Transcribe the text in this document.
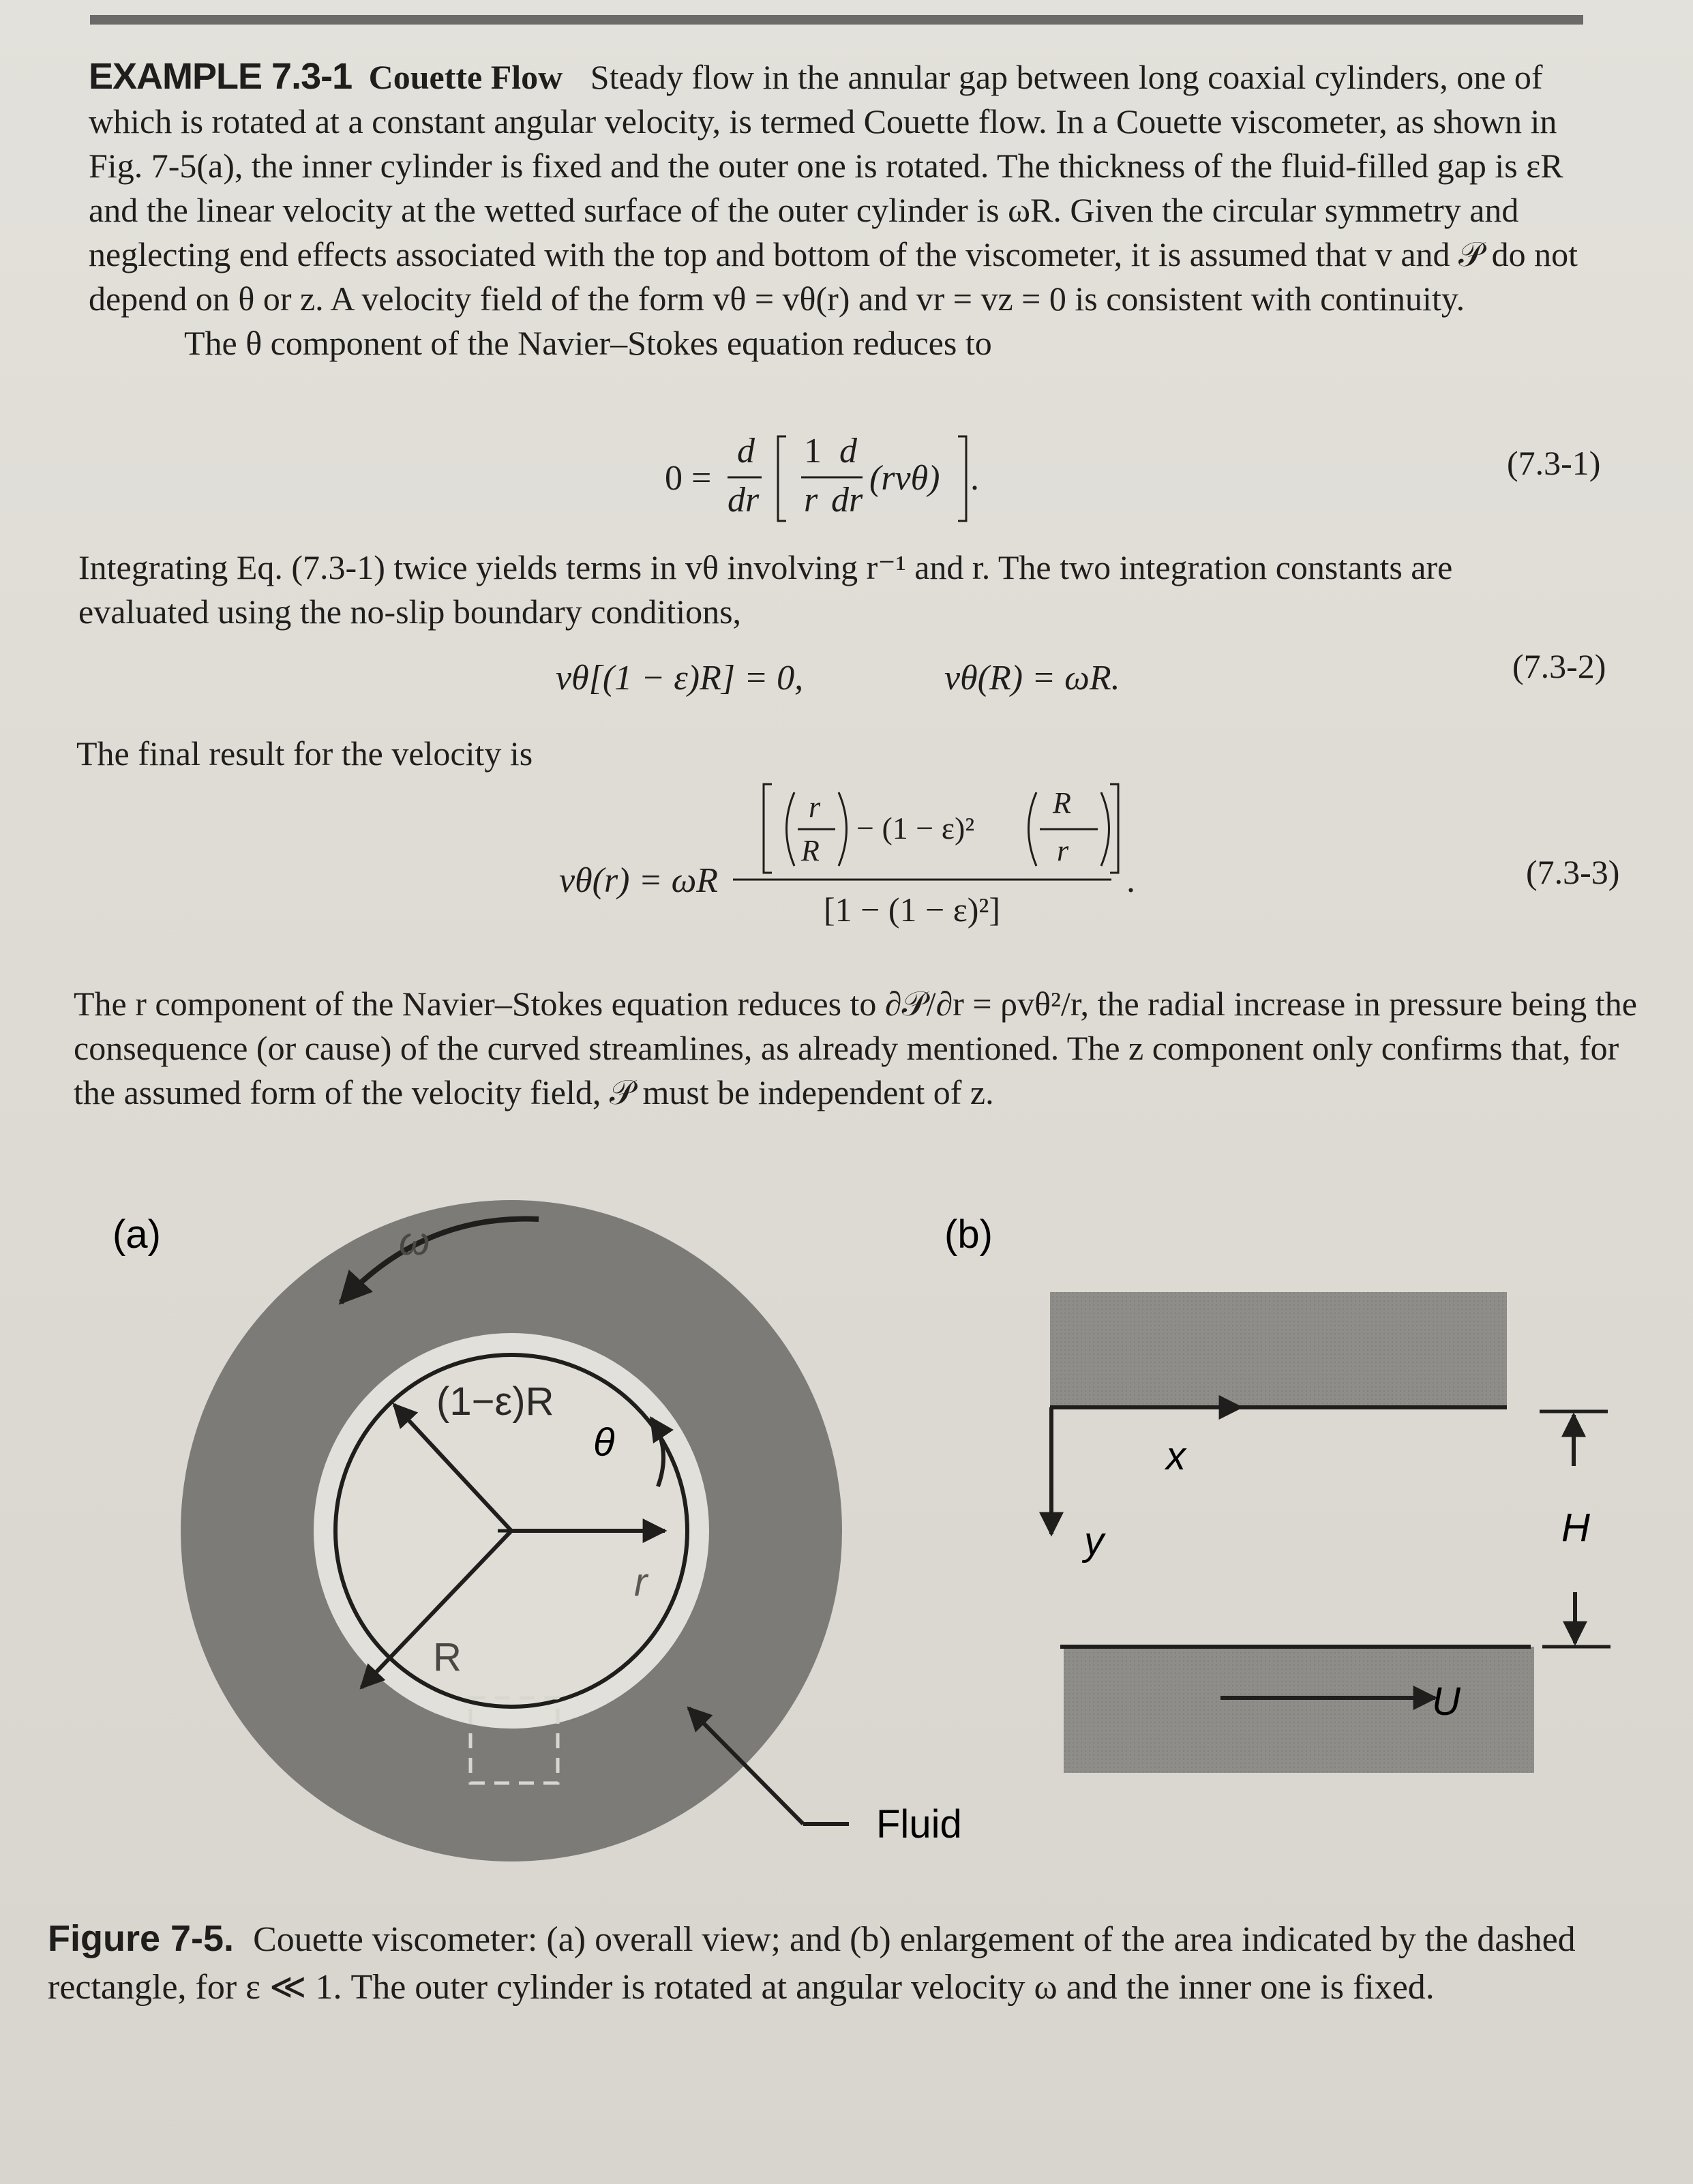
EXAMPLE 7.3-1 Couette Flow Steady flow in the annular gap between long coaxial cylinders, one of which is rotated at a constant angular velocity, is termed Couette flow. In a Couette viscometer, as shown in Fig. 7-5(a), the inner cylinder is fixed and the outer one is rotated. The thickness of the fluid-filled gap is εR and the linear velocity at the wetted surface of the outer cylinder is ωR. Given the circular symmetry and neglecting end effects associated with the top and bottom of the viscometer, it is assumed that v and 𝒫 do not depend on θ or z. A velocity field of the form vθ = vθ(r) and vr = vz = 0 is consistent with continuity.

The θ component of the Navier–Stokes equation reduces to

0 =
d
dr
1
r
d
dr
(rvθ) .	(7.3-1)

Integrating Eq. (7.3-1) twice yields terms in vθ involving r⁻¹ and r. The two integration constants are evaluated using the no-slip boundary conditions,

vθ[(1 − ε)R] = 0,	vθ(R) = ωR.	(7.3-2)

The final result for the velocity is

vθ(r) = ωR
r
R
− (1 − ε)²
R
r
[1 − (1 − ε)²]
.	(7.3-3)

The r component of the Navier–Stokes equation reduces to ∂𝒫/∂r = ρvθ²/r, the radial increase in pressure being the consequence (or cause) of the curved streamlines, as already mentioned. The z component only confirms that, for the assumed form of the velocity field, 𝒫 must be independent of z.

(a)	ω
(1−ε)R
θ
r
R
Fluid
(b)
x
y	H
U
Figure 7-5. Couette viscometer: (a) overall view; and (b) enlargement of the area indicated by the dashed rectangle, for ε ≪ 1. The outer cylinder is rotated at angular velocity ω and the inner one is fixed.
